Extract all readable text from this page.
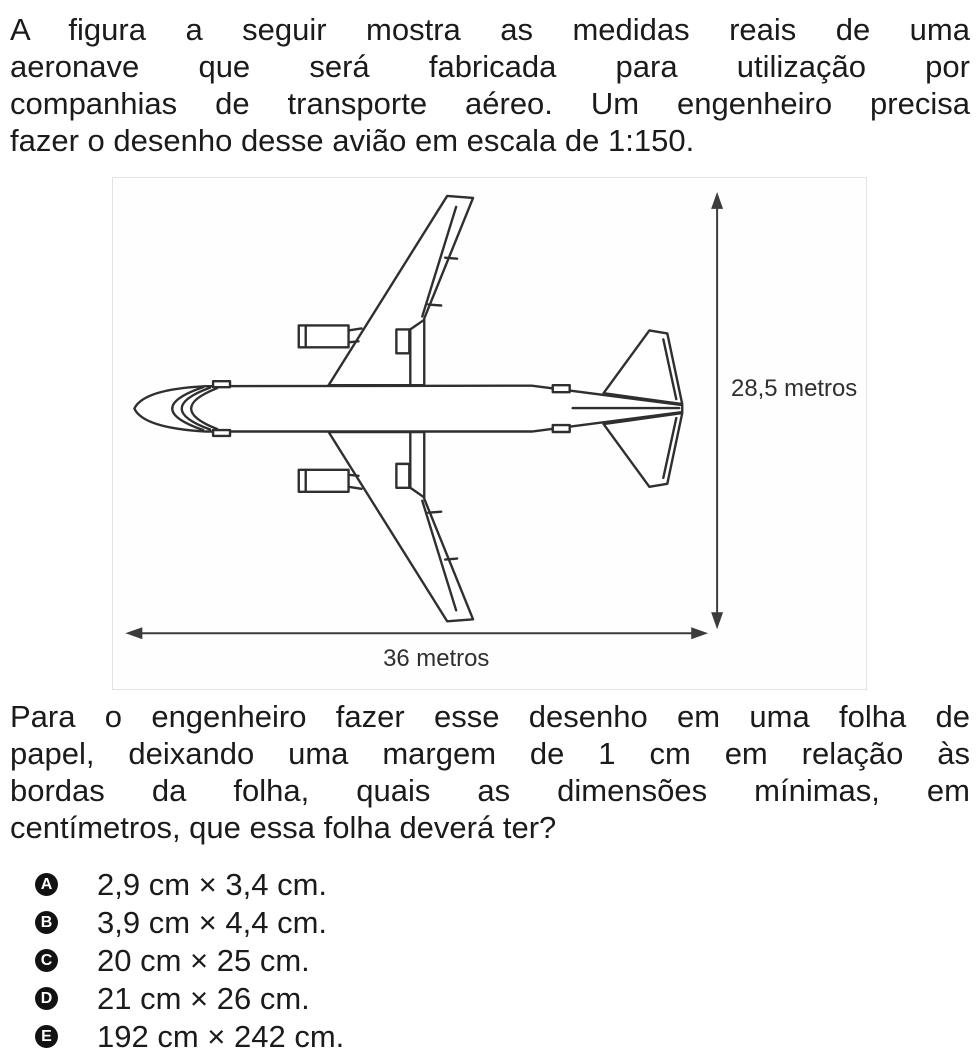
A figura a seguir mostra as medidas reais de uma
aeronave que será fabricada para utilização por
companhias de transporte aéreo. Um engenheiro precisa
fazer o desenho desse avião em escala de 1:150.
28,5 metros
36 metros
Para o engenheiro fazer esse desenho em uma folha de
papel, deixando uma margem de 1 cm em relação às
bordas da folha, quais as dimensões mínimas, em
centímetros, que essa folha deverá ter?
A 2,9 cm × 3,4 cm.
B 3,9 cm × 4,4 cm.
C 20 cm × 25 cm.
D 21 cm × 26 cm.
E 192 cm × 242 cm.
